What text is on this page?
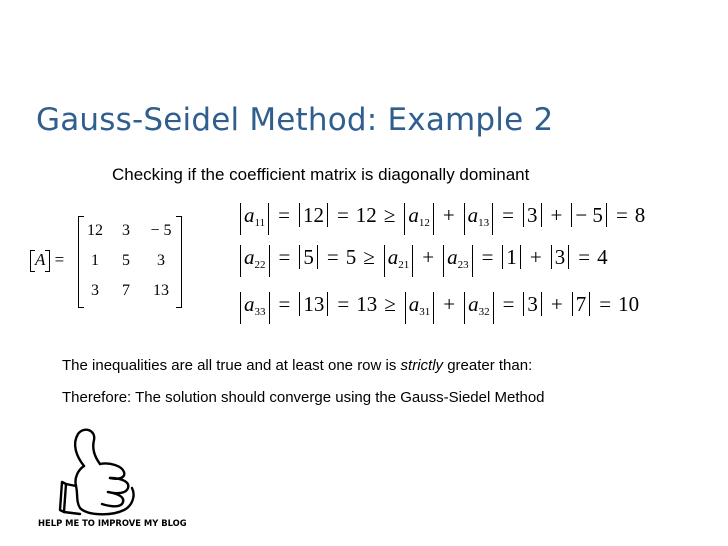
Gauss-Seidel Method: Example 2
Checking if the coefficient matrix is diagonally dominant
A =
12	3	− 5
1	5	3
3	7	13
$a_{11} = 12 = 12 \ge a_{12} + a_{13} = 3$ + − 5 = 8
$a_{22} = 5 = 5 \ge a_{21} + a_{23} = 1 + 3 = 4$
$a_{33} = 13 = 13 \ge a_{31} + a_{32} = 3 + 7 = 10$
The inequalities are all true and at least one row is strictly greater than:
Therefore: The solution should converge using the Gauss-Siedel Method
HELP ME TO IMPROVE MY BLOG
